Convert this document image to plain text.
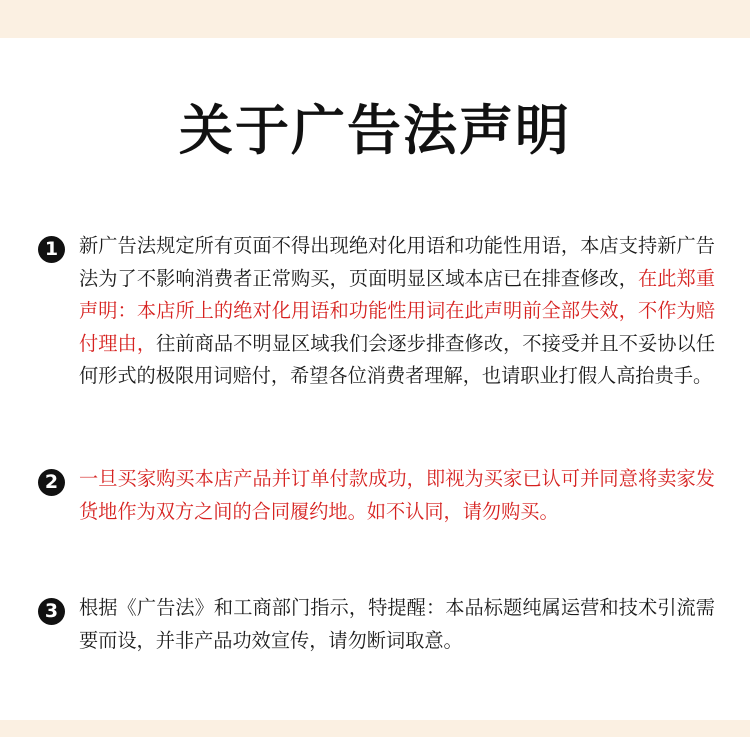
关于广告法声明
1	新广告法规定所有页面不得出现绝对化用语和功能性用语，本店支持新广告法为了不影响消费者正常购买，页面明显区域本店已在排查修改，在此郑重声明：本店所上的绝对化用语和功能性用词在此声明前全部失效，不作为赔付理由，往前商品不明显区域我们会逐步排查修改，不接受并且不妥协以任何形式的极限用词赔付，希望各位消费者理解，也请职业打假人高抬贵手。

2	一旦买家购买本店产品并订单付款成功，即视为买家已认可并同意将卖家发货地作为双方之间的合同履约地。如不认同，请勿购买。

3	根据《广告法》和工商部门指示，特提醒：本品标题纯属运营和技术引流需要而设，并非产品功效宣传，请勿断词取意。
